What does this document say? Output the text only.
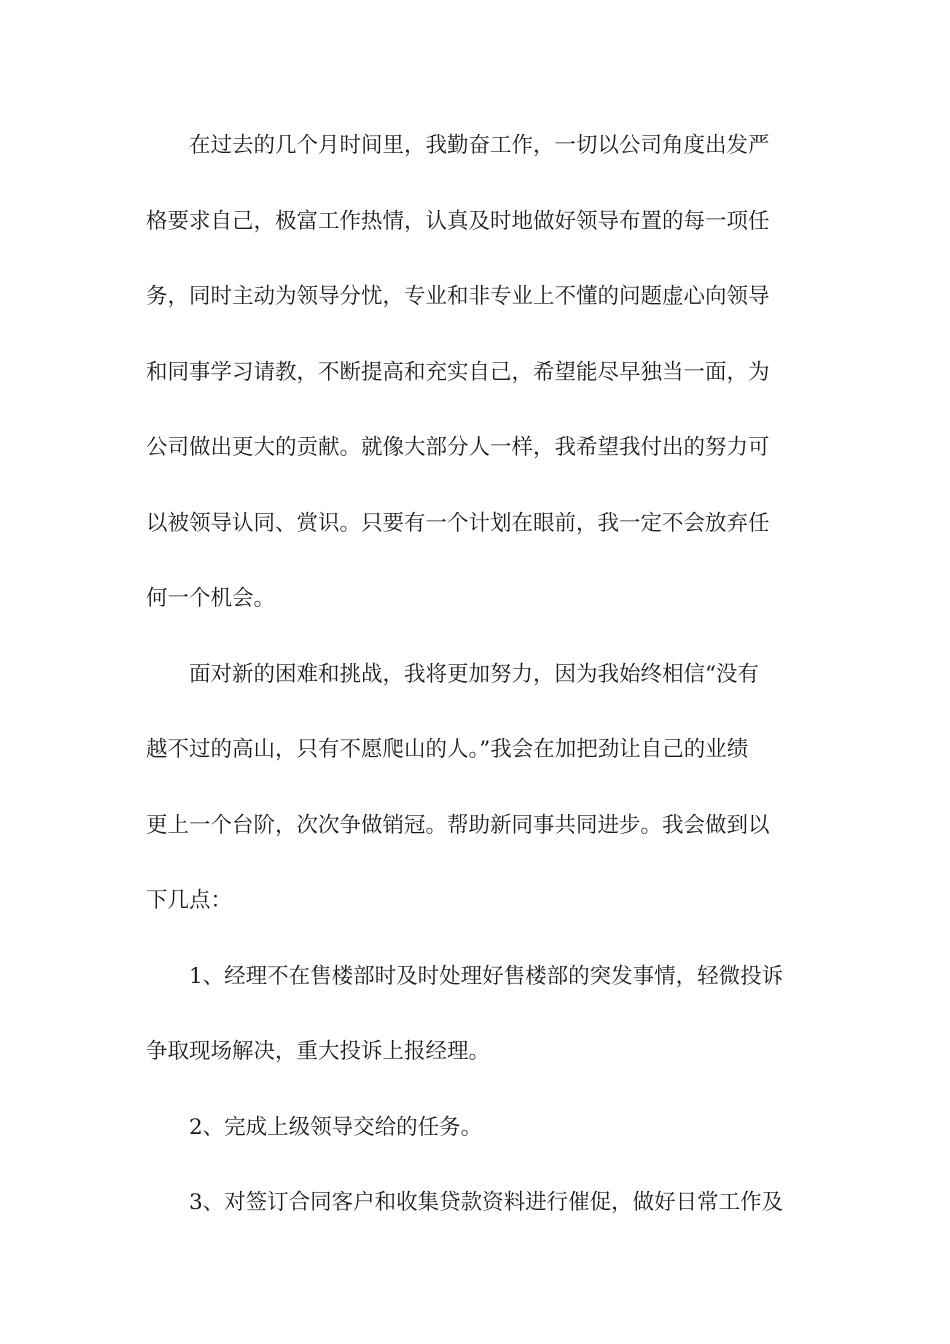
在过去的几个月时间里，我勤奋工作，一切以公司角度出发严
格要求自己，极富工作热情，认真及时地做好领导布置的每一项任
务，同时主动为领导分忧，专业和非专业上不懂的问题虚心向领导
和同事学习请教，不断提高和充实自己，希望能尽早独当一面，为
公司做出更大的贡献。就像大部分人一样，我希望我付出的努力可
以被领导认同、赏识。只要有一个计划在眼前，我一定不会放弃任
何一个机会。
面对新的困难和挑战，我将更加努力，因为我始终相信“没有
越不过的高山，只有不愿爬山的人。”我会在加把劲让自己的业绩
更上一个台阶，次次争做销冠。帮助新同事共同进步。我会做到以
下几点：
1、经理不在售楼部时及时处理好售楼部的突发事情，轻微投诉
争取现场解决，重大投诉上报经理。
2、完成上级领导交给的任务。
3、对签订合同客户和收集贷款资料进行催促，做好日常工作及
